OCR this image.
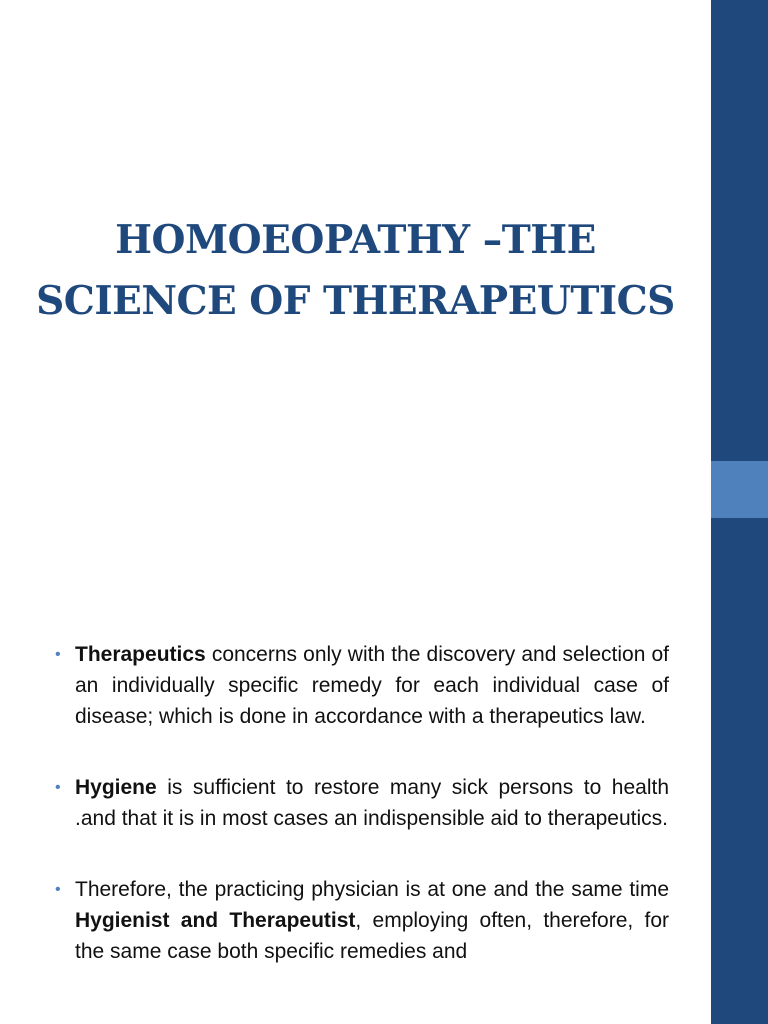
HOMOEOPATHY –THE
SCIENCE OF THERAPEUTICS
• Therapeutics concerns only with the discovery and selection of an individually specific remedy for each individual case of disease; which is done in accordance with a therapeutics law.
• Hygiene is sufficient to restore many sick persons to health .and that it is in most cases an indispensible aid to therapeutics.
• Therefore, the practicing physician is at one and the same time Hygienist and Therapeutist, employing often, therefore, for the same case both specific remedies and
